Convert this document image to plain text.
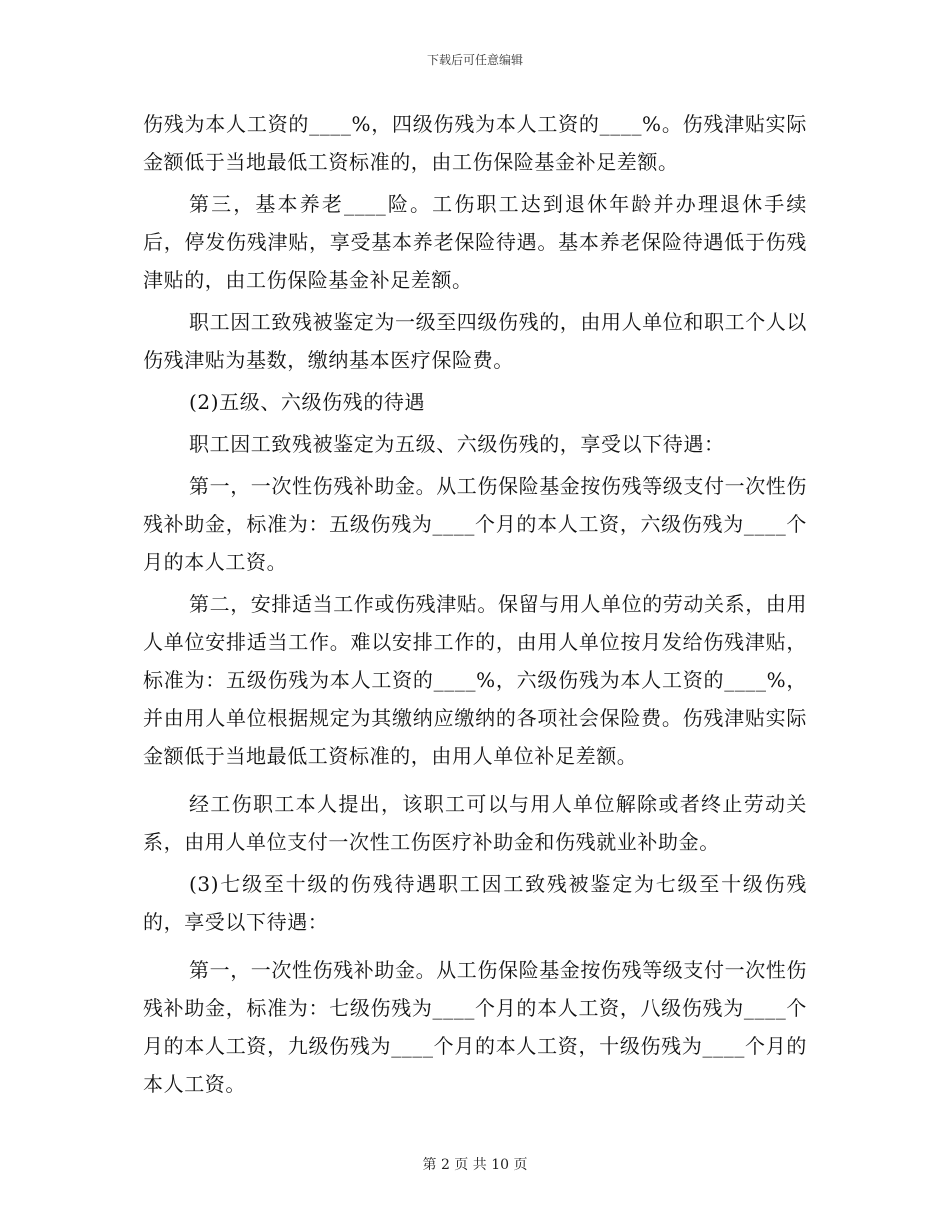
下载后可任意编辑

伤残为本人工资的____%，四级伤残为本人工资的____%。伤残津贴实际金额低于当地最低工资标准的，由工伤保险基金补足差额。

第三，基本养老____险。工伤职工达到退休年龄并办理退休手续后，停发伤残津贴，享受基本养老保险待遇。基本养老保险待遇低于伤残津贴的，由工伤保险基金补足差额。

职工因工致残被鉴定为一级至四级伤残的，由用人单位和职工个人以伤残津贴为基数，缴纳基本医疗保险费。

(2)五级、六级伤残的待遇

职工因工致残被鉴定为五级、六级伤残的，享受以下待遇：

第一，一次性伤残补助金。从工伤保险基金按伤残等级支付一次性伤残补助金，标准为：五级伤残为____个月的本人工资，六级伤残为____个月的本人工资。

第二，安排适当工作或伤残津贴。保留与用人单位的劳动关系，由用人单位安排适当工作。难以安排工作的，由用人单位按月发给伤残津贴，标准为：五级伤残为本人工资的____%，六级伤残为本人工资的____%，并由用人单位根据规定为其缴纳应缴纳的各项社会保险费。伤残津贴实际金额低于当地最低工资标准的，由用人单位补足差额。

经工伤职工本人提出，该职工可以与用人单位解除或者终止劳动关系，由用人单位支付一次性工伤医疗补助金和伤残就业补助金。

(3)七级至十级的伤残待遇职工因工致残被鉴定为七级至十级伤残的，享受以下待遇：

第一，一次性伤残补助金。从工伤保险基金按伤残等级支付一次性伤残补助金，标准为：七级伤残为____个月的本人工资，八级伤残为____个月的本人工资，九级伤残为____个月的本人工资，十级伤残为____个月的本人工资。

第 2 页 共 10 页
